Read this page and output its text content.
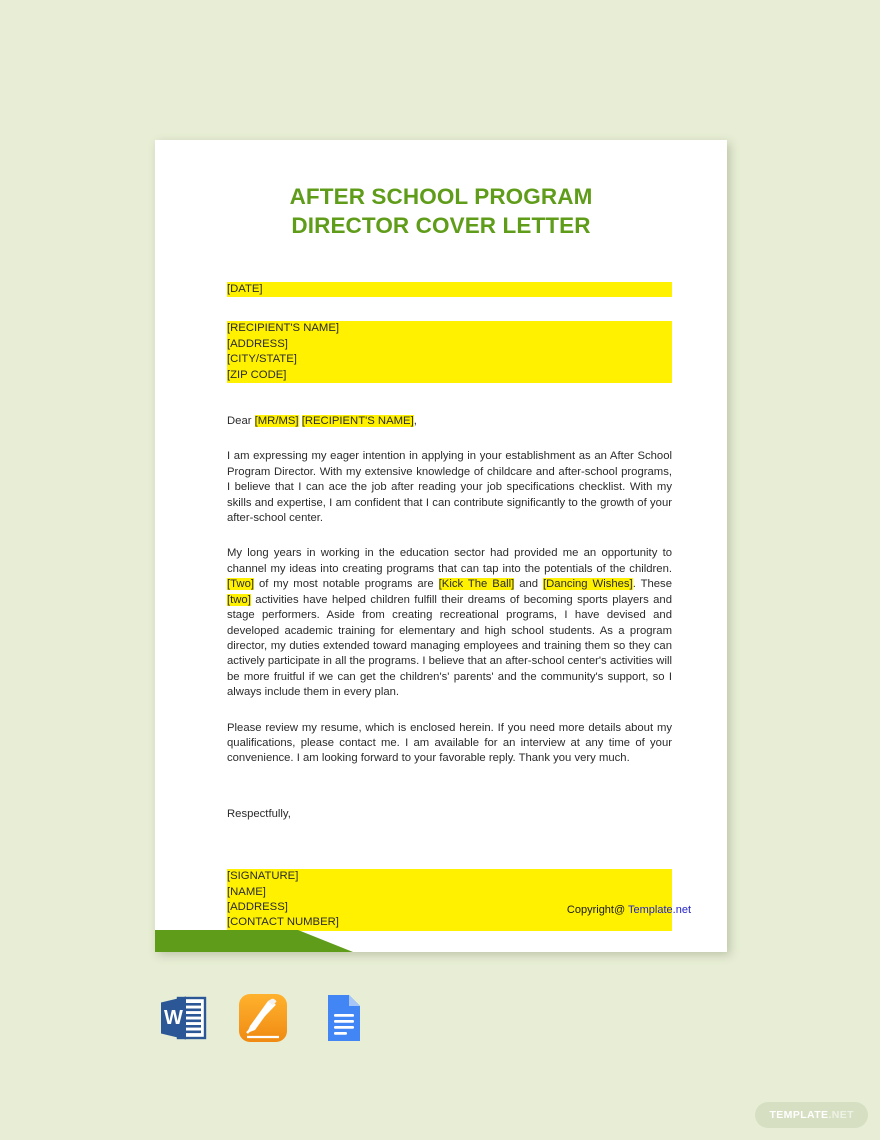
AFTER SCHOOL PROGRAM
DIRECTOR COVER LETTER
[DATE]
[RECIPIENT'S NAME]
[ADDRESS]
[CITY/STATE]
[ZIP CODE]
Dear [MR/MS] [RECIPIENT'S NAME],

I am expressing my eager intention in applying in your establishment as an After School Program Director. With my extensive knowledge of childcare and after-school programs, I believe that I can ace the job after reading your job specifications checklist. With my skills and expertise, I am confident that I can contribute significantly to the growth of your after-school center.

My long years in working in the education sector had provided me an opportunity to channel my ideas into creating programs that can tap into the potentials of the children. [Two] of my most notable programs are [Kick The Ball] and [Dancing Wishes]. These [two] activities have helped children fulfill their dreams of becoming sports players and stage performers. Aside from creating recreational programs, I have devised and developed academic training for elementary and high school students. As a program director, my duties extended toward managing employees and training them so they can actively participate in all the programs. I believe that an after-school center's activities will be more fruitful if we can get the children's' parents' and the community's support, so I always include them in every plan.

Please review my resume, which is enclosed herein. If you need more details about my qualifications, please contact me. I am available for an interview at any time of your convenience. I am looking forward to your favorable reply. Thank you very much.

Respectfully,
[SIGNATURE]
[NAME]
[ADDRESS]
[CONTACT NUMBER]
Copyright@ Template.net
W
TEMPLATE.NET
